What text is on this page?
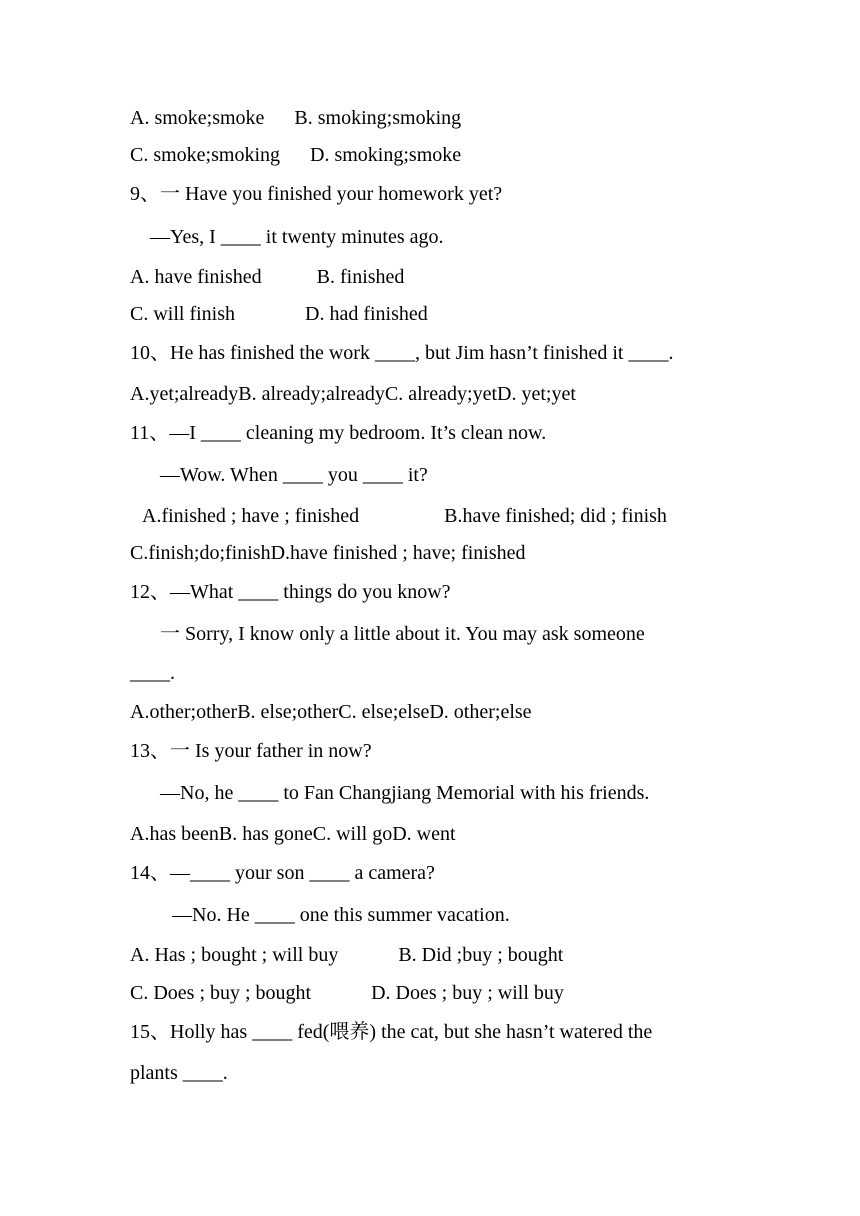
A. smoke;smoke      B. smoking;smoking
C. smoke;smoking      D. smoking;smoke
9、一 Have you finished your homework yet?
—Yes, I ____ it twenty minutes ago.
A. have finished           B. finished
C. will finish              D. had finished
10、He has finished the work ____, but Jim hasn’t finished it ____.
A.yet;alreadyB. already;alreadyC. already;yetD. yet;yet
11、—I ____ cleaning my bedroom. It’s clean now.
—Wow. When ____ you ____ it?
A.finished ; have ; finished                 B.have finished; did ; finish
C.finish;do;finishD.have finished ; have; finished
12、—What ____ things do you know?
一 Sorry, I know only a little about it. You may ask someone
____.
A.other;otherB. else;otherC. else;elseD. other;else
13、一 Is your father in now?
—No, he ____ to Fan Changjiang Memorial with his friends.
A.has beenB. has goneC. will goD. went
14、—____ your son ____ a camera?
—No. He ____ one this summer vacation.
A. Has ; bought ; will buy            B. Did ;buy ; bought
C. Does ; buy ; bought            D. Does ; buy ; will buy
15、Holly has ____ fed(喂养) the cat, but she hasn’t watered the
plants ____.
